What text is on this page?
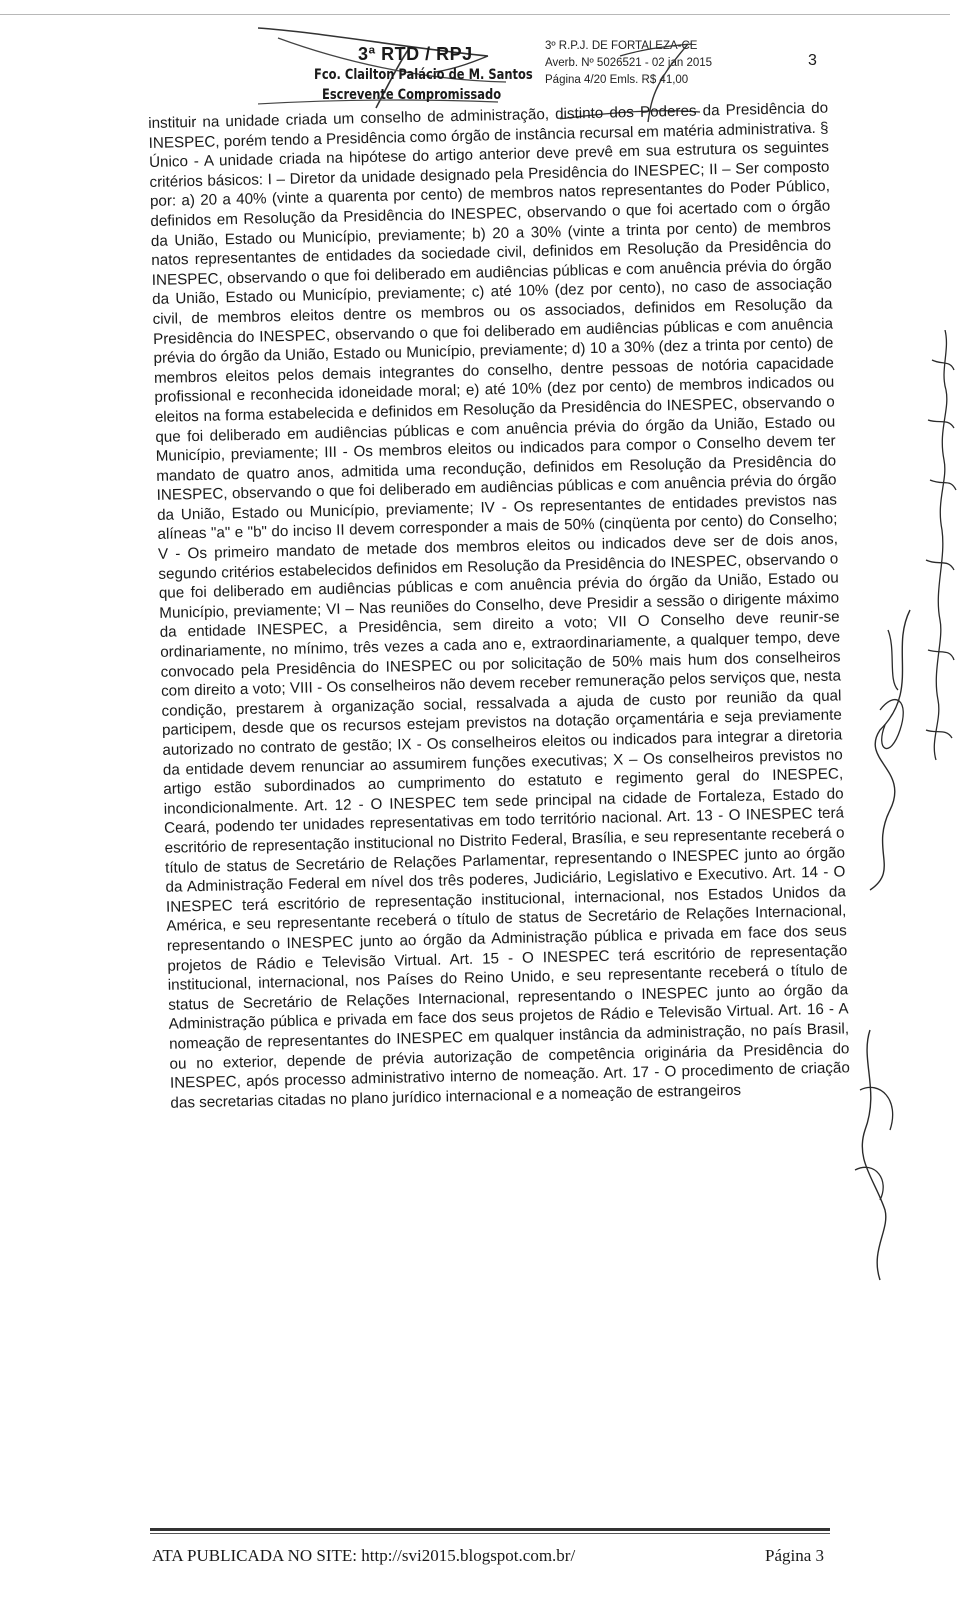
3
3ª RTD / RPJ
Fco. Clailton Palácio de M. Santos
Escrevente Compromissado
3º R.P.J. DE FORTALEZA-CE
Averb. Nº 5026521 - 02 jan 2015
Página 4/20 Emls. R$ 41,00
instituir na unidade criada um conselho de administração, distinto dos Poderes da Presidência do INESPEC, porém tendo a Presidência como órgão de instância recursal em matéria administrativa. § Único - A unidade criada na hipótese do artigo anterior deve prevê em sua estrutura os seguintes critérios básicos: I – Diretor da unidade designado pela Presidência do INESPEC; II – Ser composto por: a) 20 a 40% (vinte a quarenta por cento) de membros natos representantes do Poder Público, definidos em Resolução da Presidência do INESPEC, observando o que foi acertado com o órgão da União, Estado ou Município, previamente; b) 20 a 30% (vinte a trinta por cento) de membros natos representantes de entidades da sociedade civil, definidos em Resolução da Presidência do INESPEC, observando o que foi deliberado em audiências públicas e com anuência prévia do órgão da União, Estado ou Município, previamente; c) até 10% (dez por cento), no caso de associação civil, de membros eleitos dentre os membros ou os associados, definidos em Resolução da Presidência do INESPEC, observando o que foi deliberado em audiências públicas e com anuência prévia do órgão da União, Estado ou Município, previamente; d) 10 a 30% (dez a trinta por cento) de membros eleitos pelos demais integrantes do conselho, dentre pessoas de notória capacidade profissional e reconhecida idoneidade moral; e) até 10% (dez por cento) de membros indicados ou eleitos na forma estabelecida e definidos em Resolução da Presidência do INESPEC, observando o que foi deliberado em audiências públicas e com anuência prévia do órgão da União, Estado ou Município, previamente; III - Os membros eleitos ou indicados para compor o Conselho devem ter mandato de quatro anos, admitida uma recondução, definidos em Resolução da Presidência do INESPEC, observando o que foi deliberado em audiências públicas e com anuência prévia do órgão da União, Estado ou Município, previamente; IV - Os representantes de entidades previstos nas alíneas "a" e "b" do inciso II devem corresponder a mais de 50% (cinqüenta por cento) do Conselho; V - Os primeiro mandato de metade dos membros eleitos ou indicados deve ser de dois anos, segundo critérios estabelecidos definidos em Resolução da Presidência do INESPEC, observando o que foi deliberado em audiências públicas e com anuência prévia do órgão da União, Estado ou Município, previamente; VI – Nas reuniões do Conselho, deve Presidir a sessão o dirigente máximo da entidade INESPEC, a Presidência, sem direito a voto; VII O Conselho deve reunir-se ordinariamente, no mínimo, três vezes a cada ano e, extraordinariamente, a qualquer tempo, deve convocado pela Presidência do INESPEC ou por solicitação de 50% mais hum dos conselheiros com direito a voto; VIII - Os conselheiros não devem receber remuneração pelos serviços que, nesta condição, prestarem à organização social, ressalvada a ajuda de custo por reunião da qual participem, desde que os recursos estejam previstos na dotação orçamentária e seja previamente autorizado no contrato de gestão; IX - Os conselheiros eleitos ou indicados para integrar a diretoria da entidade devem renunciar ao assumirem funções executivas; X – Os conselheiros previstos no artigo estão subordinados ao cumprimento do estatuto e regimento geral do INESPEC, incondicionalmente. Art. 12 - O INESPEC tem sede principal na cidade de Fortaleza, Estado do Ceará, podendo ter unidades representativas em todo território nacional. Art. 13 - O INESPEC terá escritório de representação institucional no Distrito Federal, Brasília, e seu representante receberá o título de status de Secretário de Relações Parlamentar, representando o INESPEC junto ao órgão da Administração Federal em nível dos três poderes, Judiciário, Legislativo e Executivo. Art. 14 - O INESPEC terá escritório de representação institucional, internacional, nos Estados Unidos da América, e seu representante receberá o título de status de Secretário de Relações Internacional, representando o INESPEC junto ao órgão da Administração pública e privada em face dos seus projetos de Rádio e Televisão Virtual. Art. 15 - O INESPEC terá escritório de representação institucional, internacional, nos Países do Reino Unido, e seu representante receberá o título de status de Secretário de Relações Internacional, representando o INESPEC junto ao órgão da Administração pública e privada em face dos seus projetos de Rádio e Televisão Virtual. Art. 16 - A nomeação de representantes do INESPEC em qualquer instância da administração, no país Brasil, ou no exterior, depende de prévia autorização de competência originária da Presidência do INESPEC, após processo administrativo interno de nomeação. Art. 17 - O procedimento de criação das secretarias citadas no plano jurídico internacional e a nomeação de estrangeiros
ATA PUBLICADA NO SITE: http://svi2015.blogspot.com.br/	Página 3
